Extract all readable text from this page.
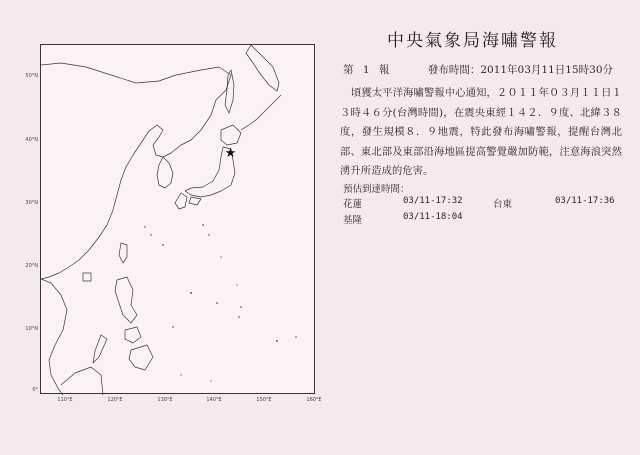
★
50°N
40°N
30°N
20°N
10°N
0°
110°E	120°E	130°E	140°E	150°E	160°E
中央氣象局海嘯警報
第 1 報	發布時間：2011年03月11日15時30分
頃獲太平洋海嘯警報中心通知，２０１１年０３月１１日１３時４６分(台灣時間)，在震央東經１４２．９度、北緯３８度，發生規模８．９地震，特此發布海嘯警報，提醒台灣北部、東北部及東部沿海地區提高警覺嚴加防範，注意海浪突然湧升所造成的危害。
預估到達時間：
花蓮	03/11-17:32	台東	03/11-17:36
基隆	03/11-18:04
